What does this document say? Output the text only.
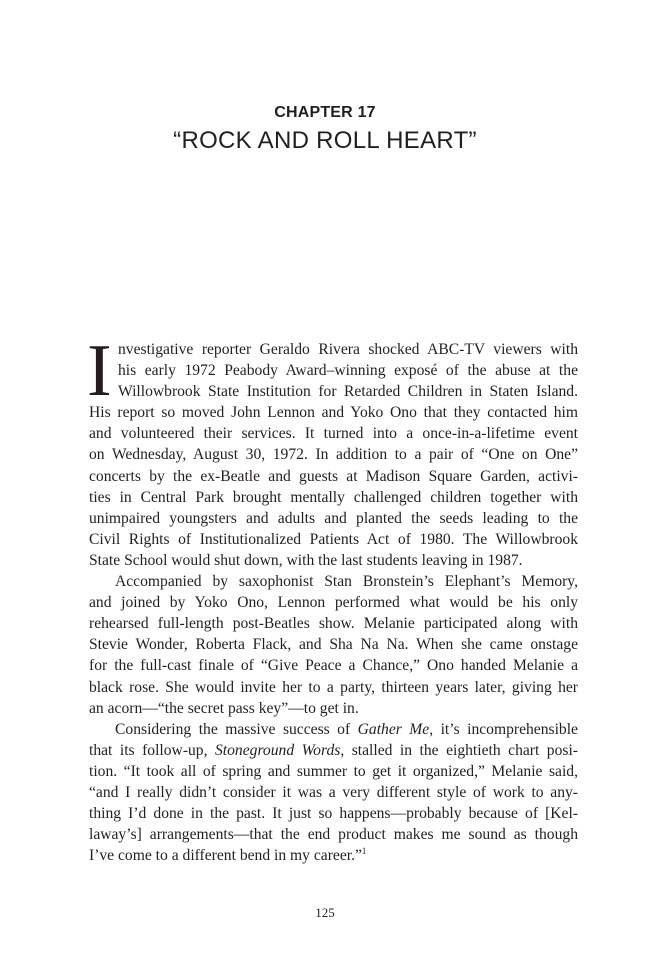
CHAPTER 17
“ROCK AND ROLL HEART”
I nvestigative reporter Geraldo Rivera shocked ABC-TV viewers with
his early 1972 Peabody Award–winning exposé of the abuse at the
Willowbrook State Institution for Retarded Children in Staten Island.
His report so moved John Lennon and Yoko Ono that they contacted him
and volunteered their services. It turned into a once-in-a-lifetime event
on Wednesday, August 30, 1972. In addition to a pair of “One on One”
concerts by the ex-Beatle and guests at Madison Square Garden, activi-
ties in Central Park brought mentally challenged children together with
unimpaired youngsters and adults and planted the seeds leading to the
Civil Rights of Institutionalized Patients Act of 1980. The Willowbrook
State School would shut down, with the last students leaving in 1987.
Accompanied by saxophonist Stan Bronstein’s Elephant’s Memory,
and joined by Yoko Ono, Lennon performed what would be his only
rehearsed full-length post-Beatles show. Melanie participated along with
Stevie Wonder, Roberta Flack, and Sha Na Na. When she came onstage
for the full-cast finale of “Give Peace a Chance,” Ono handed Melanie a
black rose. She would invite her to a party, thirteen years later, giving her
an acorn—“the secret pass key”—to get in.
Considering the massive success of Gather Me, it’s incomprehensible
that its follow-up, Stoneground Words, stalled in the eightieth chart posi-
tion. “It took all of spring and summer to get it organized,” Melanie said,
“and I really didn’t consider it was a very different style of work to any-
thing I’d done in the past. It just so happens—probably because of [Kel-
laway’s] arrangements—that the end product makes me sound as though
I’ve come to a different bend in my career.”$^1$
125
